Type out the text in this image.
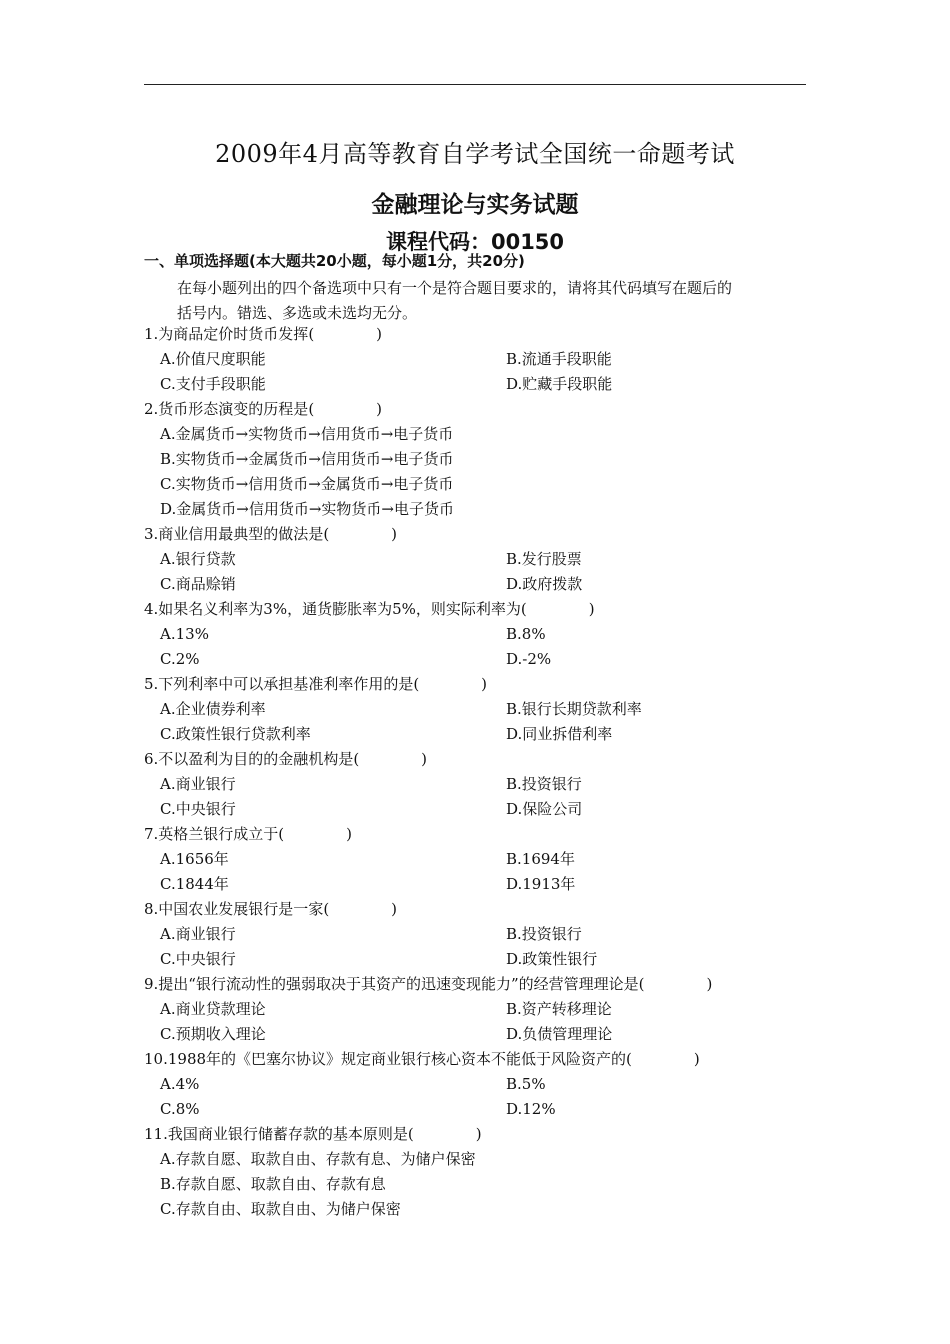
2009年4月高等教育自学考试全国统一命题考试
金融理论与实务试题
课程代码：00150
一、单项选择题(本大题共20小题，每小题1分，共20分)
在每小题列出的四个备选项中只有一个是符合题目要求的，请将其代码填写在题后的
括号内。错选、多选或未选均无分。
1.为商品定价时货币发挥(	)
A.价值尺度职能	B.流通手段职能
C.支付手段职能	D.贮藏手段职能
2.货币形态演变的历程是(	)
A.金属货币→实物货币→信用货币→电子货币
B.实物货币→金属货币→信用货币→电子货币
C.实物货币→信用货币→金属货币→电子货币
D.金属货币→信用货币→实物货币→电子货币
3.商业信用最典型的做法是(	)
A.银行贷款	B.发行股票
C.商品赊销	D.政府拨款
4.如果名义利率为3%，通货膨胀率为5%，则实际利率为(	)
A.13%	B.8%
C.2%	D.-2%
5.下列利率中可以承担基准利率作用的是(	)
A.企业债券利率	B.银行长期贷款利率
C.政策性银行贷款利率	D.同业拆借利率
6.不以盈利为目的的金融机构是(	)
A.商业银行	B.投资银行
C.中央银行	D.保险公司
7.英格兰银行成立于(	)
A.1656年	B.1694年
C.1844年	D.1913年
8.中国农业发展银行是一家(	)
A.商业银行	B.投资银行
C.中央银行	D.政策性银行
9.提出“银行流动性的强弱取决于其资产的迅速变现能力”的经营管理理论是(	)
A.商业贷款理论	B.资产转移理论
C.预期收入理论	D.负债管理理论
10.1988年的《巴塞尔协议》规定商业银行核心资本不能低于风险资产的(	)
A.4%	B.5%
C.8%	D.12%
11.我国商业银行储蓄存款的基本原则是(	)
A.存款自愿、取款自由、存款有息、为储户保密
B.存款自愿、取款自由、存款有息
C.存款自由、取款自由、为储户保密
